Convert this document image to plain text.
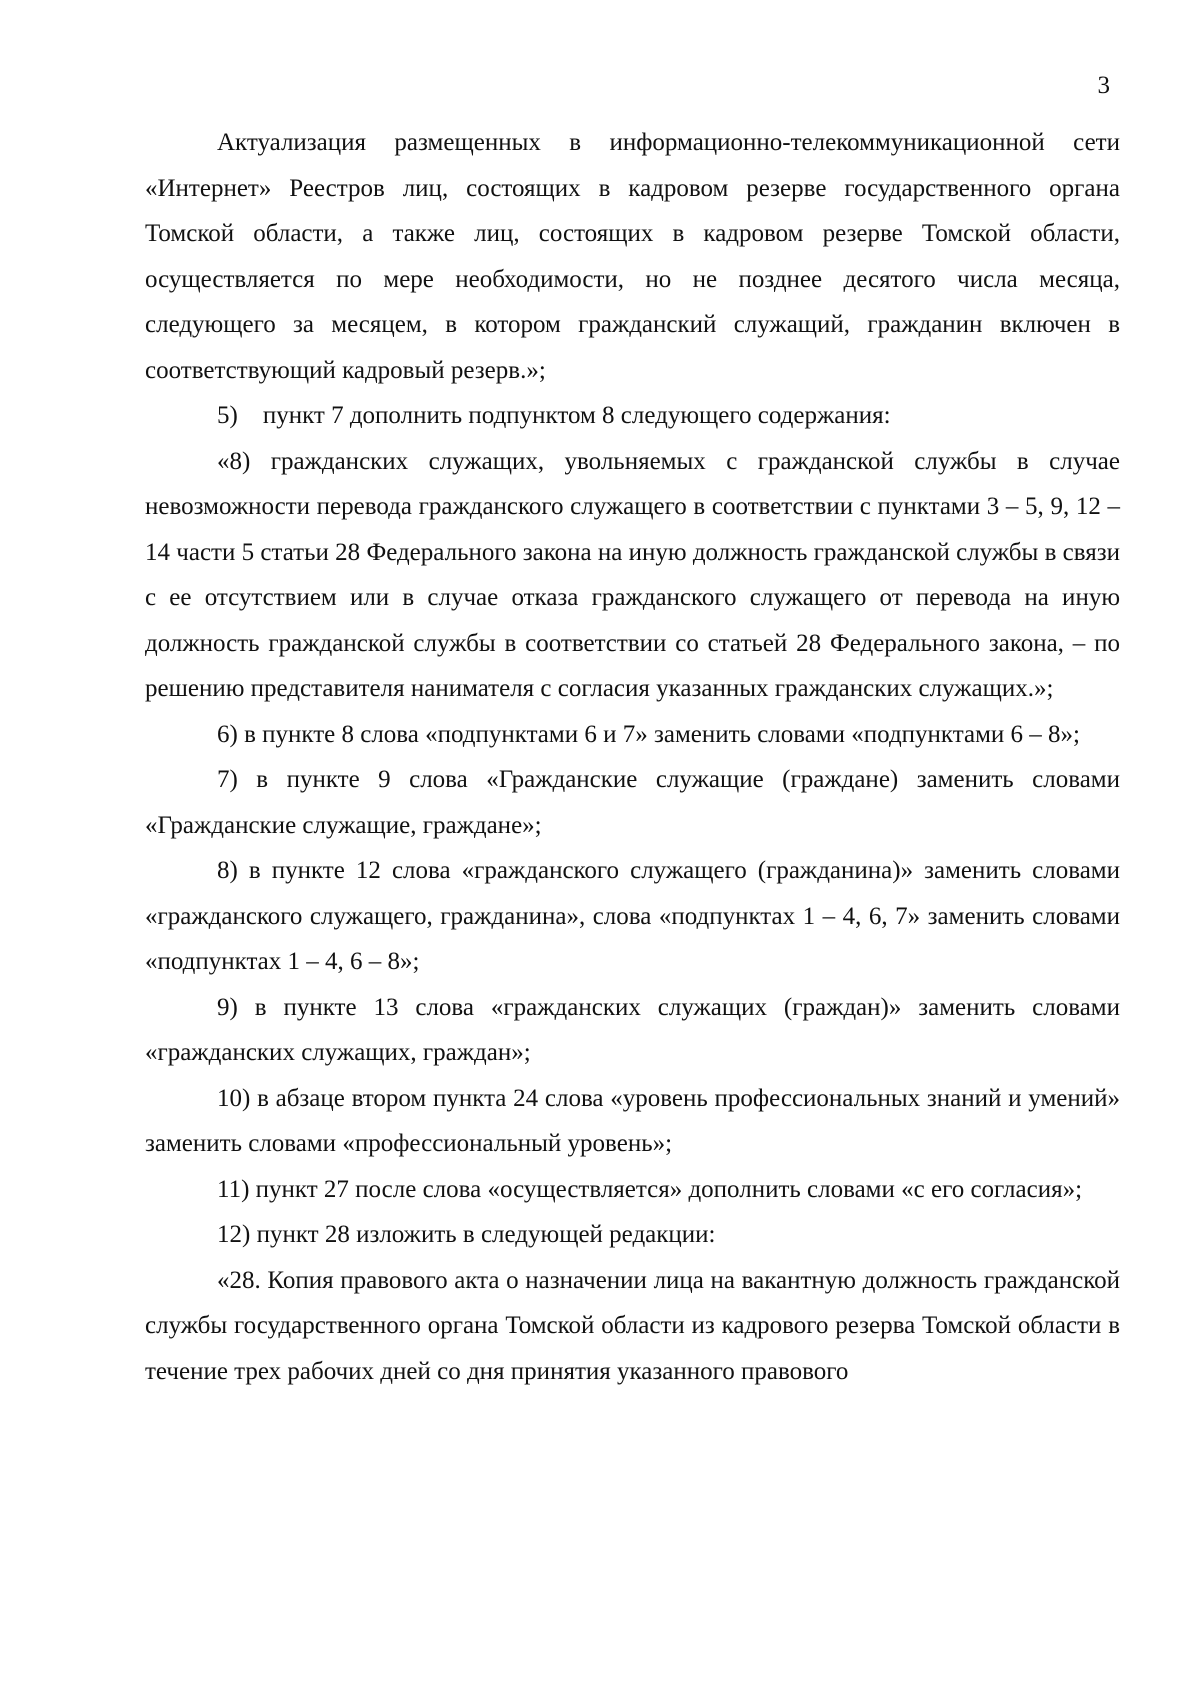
3

Актуализация размещенных в информационно-телекоммуникационной сети «Интернет» Реестров лиц, состоящих в кадровом резерве государственного органа Томской области, а также лиц, состоящих в кадровом резерве Томской области, осуществляется по мере необходимости, но не позднее десятого числа месяца, следующего за месяцем, в котором гражданский служащий, гражданин включен в соответствующий кадровый резерв.»;

5) пункт 7 дополнить подпунктом 8 следующего содержания:

«8) гражданских служащих, увольняемых с гражданской службы в случае невозможности перевода гражданского служащего в соответствии с пунктами 3 – 5, 9, 12 – 14 части 5 статьи 28 Федерального закона на иную должность гражданской службы в связи с ее отсутствием или в случае отказа гражданского служащего от перевода на иную должность гражданской службы в соответствии со статьей 28 Федерального закона, – по решению представителя нанимателя с согласия указанных гражданских служащих.»;

6) в пункте 8 слова «подпунктами 6 и 7» заменить словами «подпунктами 6 – 8»;

7) в пункте 9 слова «Гражданские служащие (граждане) заменить словами «Гражданские служащие, граждане»;

8) в пункте 12 слова «гражданского служащего (гражданина)» заменить словами «гражданского служащего, гражданина», слова «подпунктах 1 – 4, 6, 7» заменить словами «подпунктах 1 – 4, 6 – 8»;

9) в пункте 13 слова «гражданских служащих (граждан)» заменить словами «гражданских служащих, граждан»;

10) в абзаце втором пункта 24 слова «уровень профессиональных знаний и умений» заменить словами «профессиональный уровень»;

11) пункт 27 после слова «осуществляется» дополнить словами «с его согласия»;

12) пункт 28 изложить в следующей редакции:

«28. Копия правового акта о назначении лица на вакантную должность гражданской службы государственного органа Томской области из кадрового резерва Томской области в течение трех рабочих дней со дня принятия указанного правового
